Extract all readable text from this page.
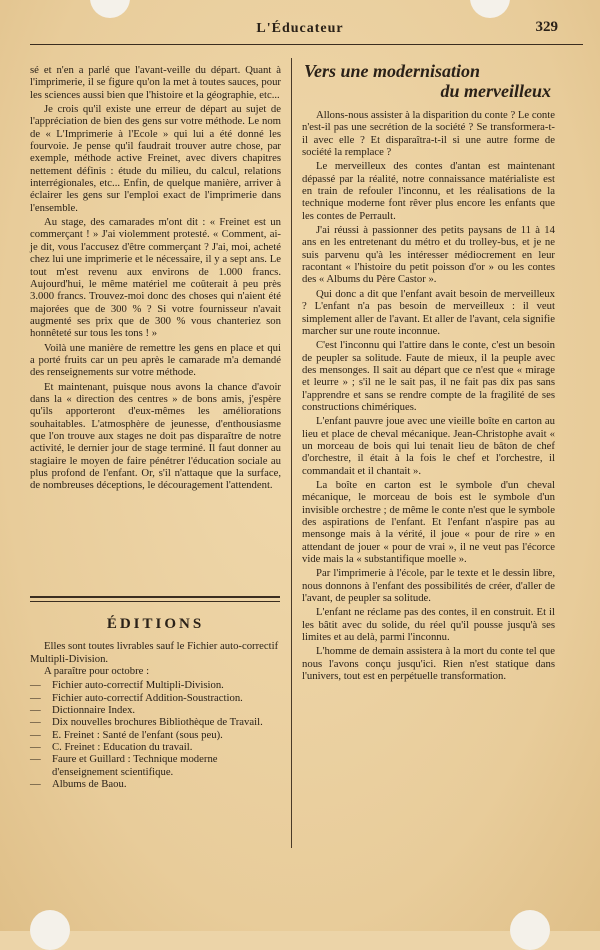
L'Éducateur	329

sé et n'en a parlé que l'avant-veille du départ. Quant à l'imprimerie, il se figure qu'on la met à toutes sauces, pour les sciences aussi bien que l'histoire et la géographie, etc...

Je crois qu'il existe une erreur de départ au sujet de l'appréciation de bien des gens sur votre méthode. Le nom de « L'Imprimerie à l'Ecole » qui lui a été donné les fourvoie. Je pense qu'il faudrait trouver autre chose, par exemple, méthode active Freinet, avec divers chapitres nettement définis : étude du milieu, du calcul, relations interrégionales, etc... Enfin, de quelque manière, arriver à éclairer les gens sur l'emploi exact de l'imprimerie dans l'ensemble.

Au stage, des camarades m'ont dit : « Freinet est un commerçant ! » J'ai violemment protesté. « Comment, ai-je dit, vous l'accusez d'être commerçant ? J'ai, moi, acheté chez lui une imprimerie et le nécessaire, il y a sept ans. Le tout m'est revenu aux environs de 1.000 francs. Aujourd'hui, le même matériel me coûterait à peu près 3.000 francs. Trouvez-moi donc des choses qui n'aient été majorées que de 300 % ? Si votre fournisseur n'avait augmenté ses prix que de 300 % vous chanteriez son honnêteté sur tous les tons ! »

Voilà une manière de remettre les gens en place et qui a porté fruits car un peu après le camarade m'a demandé des renseignements sur votre méthode.

Et maintenant, puisque nous avons la chance d'avoir dans la « direction des centres » de bons amis, j'espère qu'ils apporteront d'eux-mêmes les améliorations souhaitables. L'atmosphère de jeunesse, d'enthousiasme que l'on trouve aux stages ne doit pas disparaître de notre activité, le dernier jour de stage terminé. Il faut donner au stagiaire le moyen de faire pénétrer l'éducation sociale au plus profond de l'enfant. Or, s'il n'attaque que la surface, de nombreuses déceptions, le découragement l'attendent.

ÉDITIONS

Elles sont toutes livrables sauf le Fichier auto-correctif Multipli-Division.

A paraître pour octobre :

— Fichier auto-correctif Multipli-Division.
— Fichier auto-correctif Addition-Soustraction.
— Dictionnaire Index.
— Dix nouvelles brochures Bibliothèque de Travail.
— E. Freinet : Santé de l'enfant (sous peu).
— C. Freinet : Education du travail.
— Faure et Guillard : Technique moderne d'enseignement scientifique.
— Albums de Baou.
Vers une modernisation
du merveilleux

Allons-nous assister à la disparition du conte ? Le conte n'est-il pas une secrétion de la société ? Se transformera-t-il avec elle ? Et disparaîtra-t-il si une autre forme de société la remplace ?

Le merveilleux des contes d'antan est maintenant dépassé par la réalité, notre connaissance matérialiste est en train de refouler l'inconnu, et les réalisations de la technique moderne font rêver plus encore les enfants que les contes de Perrault.

J'ai réussi à passionner des petits paysans de 11 à 14 ans en les entretenant du métro et du trolley-bus, et je ne suis parvenu qu'à les intéresser médiocrement en leur racontant « l'histoire du petit poisson d'or » ou les contes des « Albums du Père Castor ».

Qui donc a dit que l'enfant avait besoin de merveilleux ? L'enfant n'a pas besoin de merveilleux : il veut simplement aller de l'avant. Et aller de l'avant, cela signifie marcher sur une route inconnue.

C'est l'inconnu qui l'attire dans le conte, c'est un besoin de peupler sa solitude. Faute de mieux, il la peuple avec des mensonges. Il sait au départ que ce n'est que « mirage et leurre » ; s'il ne le sait pas, il ne fait pas dix pas sans l'apprendre et sans se rendre compte de la fragilité de ses constructions chimériques.

L'enfant pauvre joue avec une vieille boîte en carton au lieu et place de cheval mécanique. Jean-Christophe avait « un morceau de bois qui lui tenait lieu de bâton de chef d'orchestre, il était à la fois le chef et l'orchestre, il commandait et il chantait ».

La boîte en carton est le symbole d'un cheval mécanique, le morceau de bois est le symbole d'un invisible orchestre ; de même le conte n'est que le symbole des aspirations de l'enfant. Et l'enfant n'aspire pas au mensonge mais à la vérité, il joue « pour de rire » en attendant de jouer « pour de vrai », il ne veut pas l'écorce vide mais la « substantifique moelle ».

Par l'imprimerie à l'école, par le texte et le dessin libre, nous donnons à l'enfant des possibilités de créer, d'aller de l'avant, de peupler sa solitude.

L'enfant ne réclame pas des contes, il en construit. Et il les bâtit avec du solide, du réel qu'il pousse jusqu'à ses limites et au delà, parmi l'inconnu.

L'homme de demain assistera à la mort du conte tel que nous l'avons conçu jusqu'ici. Rien n'est statique dans l'univers, tout est en perpétuelle transformation.
